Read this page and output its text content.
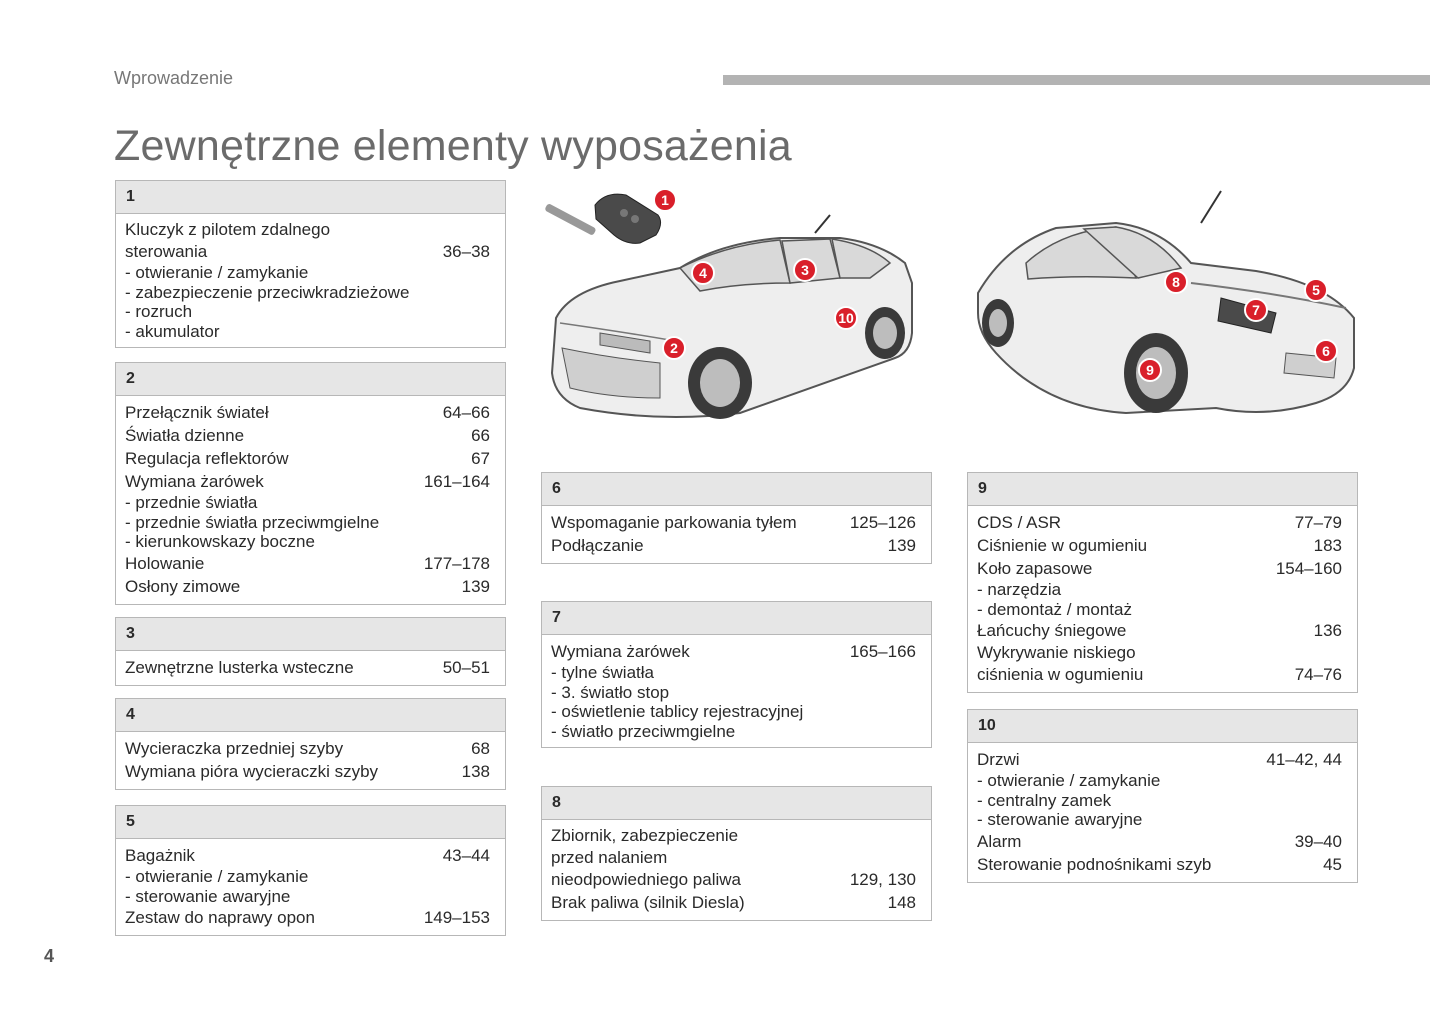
Wprowadzenie
Zewnętrzne elementy wyposażenia
1
2
3
4
10
5
6
7
8
9
1
Kluczyk z pilotem zdalnego
sterowania	36–38
- otwieranie / zamykanie
- zabezpieczenie przeciwkradzieżowe
- rozruch
- akumulator
2
Przełącznik świateł	64–66
Światła dzienne	66
Regulacja reflektorów	67
Wymiana żarówek	161–164
- przednie światła
- przednie światła przeciwmgielne
- kierunkowskazy boczne
Holowanie	177–178
Osłony zimowe	139
3
Zewnętrzne lusterka wsteczne	50–51
4
Wycieraczka przedniej szyby	68
Wymiana pióra wycieraczki szyby	138
5
Bagażnik	43–44
- otwieranie / zamykanie
- sterowanie awaryjne
Zestaw do naprawy opon	149–153
6
Wspomaganie parkowania tyłem	125–126
Podłączanie	139
7
Wymiana żarówek	165–166
- tylne światła
- 3. światło stop
- oświetlenie tablicy rejestracyjnej
- światło przeciwmgielne
8
Zbiornik, zabezpieczenie
przed nalaniem
nieodpowiedniego paliwa	129, 130
Brak paliwa (silnik Diesla)	148
9
CDS / ASR	77–79
Ciśnienie w ogumieniu	183
Koło zapasowe	154–160
- narzędzia
- demontaż / montaż
Łańcuchy śniegowe	136
Wykrywanie niskiego
ciśnienia w ogumieniu	74–76
10
Drzwi	41–42, 44
- otwieranie / zamykanie
- centralny zamek
- sterowanie awaryjne
Alarm	39–40
Sterowanie podnośnikami szyb	45
4
